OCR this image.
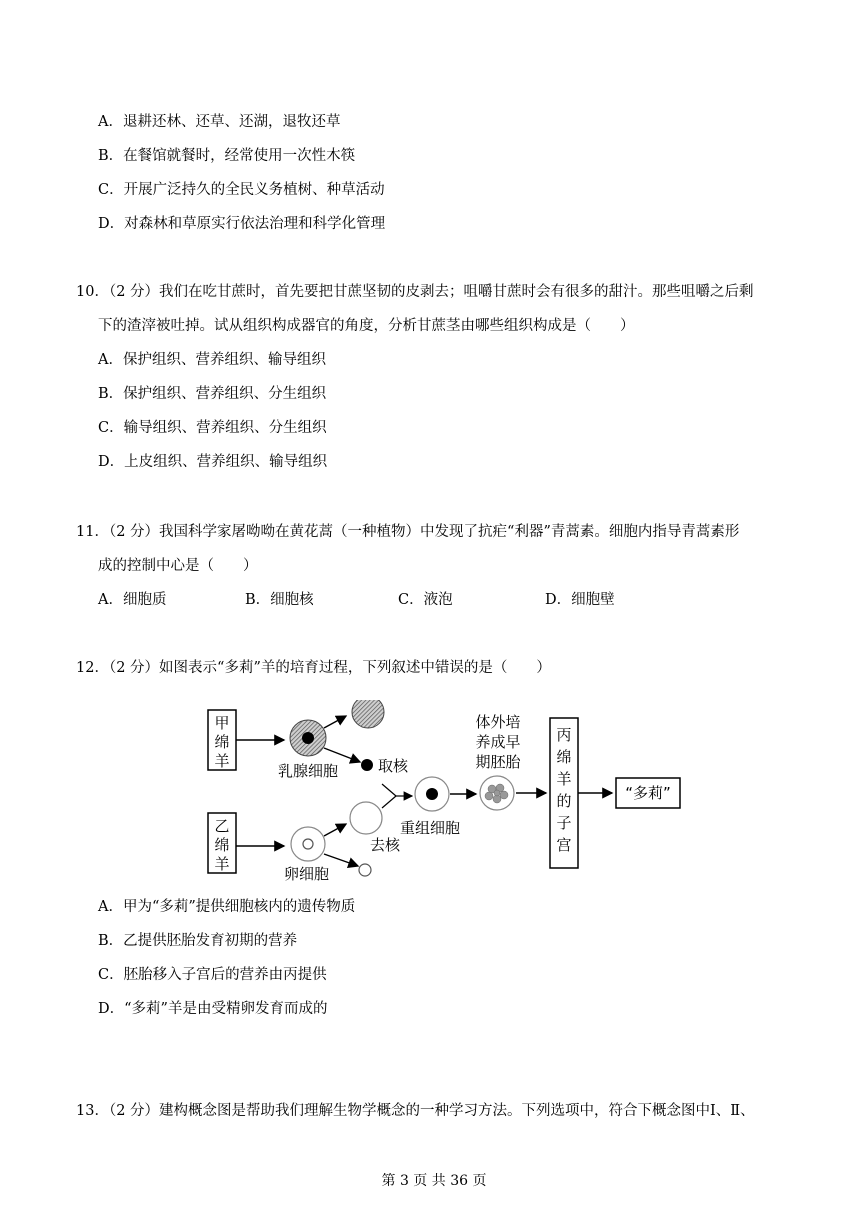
A．退耕还林、还草、还湖，退牧还草
B．在餐馆就餐时，经常使用一次性木筷
C．开展广泛持久的全民义务植树、种草活动
D．对森林和草原实行依法治理和科学化管理
10．（2 分）我们在吃甘蔗时，首先要把甘蔗坚韧的皮剥去；咀嚼甘蔗时会有很多的甜汁。那些咀嚼之后剩
下的渣滓被吐掉。试从组织构成器官的角度，分析甘蔗茎由哪些组织构成是（　　）
A．保护组织、营养组织、输导组织
B．保护组织、营养组织、分生组织
C．输导组织、营养组织、分生组织
D．上皮组织、营养组织、输导组织
11．（2 分）我国科学家屠呦呦在黄花蒿（一种植物）中发现了抗疟“利器”青蒿素。细胞内指导青蒿素形
成的控制中心是（　　）
A．细胞质	B．细胞核	C．液泡	D．细胞壁
12．（2 分）如图表示“多莉”羊的培育过程，下列叙述中错误的是（　　）
甲
绵
羊
乳腺细胞	取核
乙
绵
羊
卵细胞
去核
重组细胞
体外培
养成早
期胚胎
丙
绵
羊
的
子
宫
“多莉”
A．甲为“多莉”提供细胞核内的遗传物质
B．乙提供胚胎发育初期的营养
C．胚胎移入子宫后的营养由丙提供
D．“多莉”羊是由受精卵发育而成的
13．（2 分）建构概念图是帮助我们理解生物学概念的一种学习方法。下列选项中，符合下概念图中Ⅰ、Ⅱ、
第 3 页 共 36 页
